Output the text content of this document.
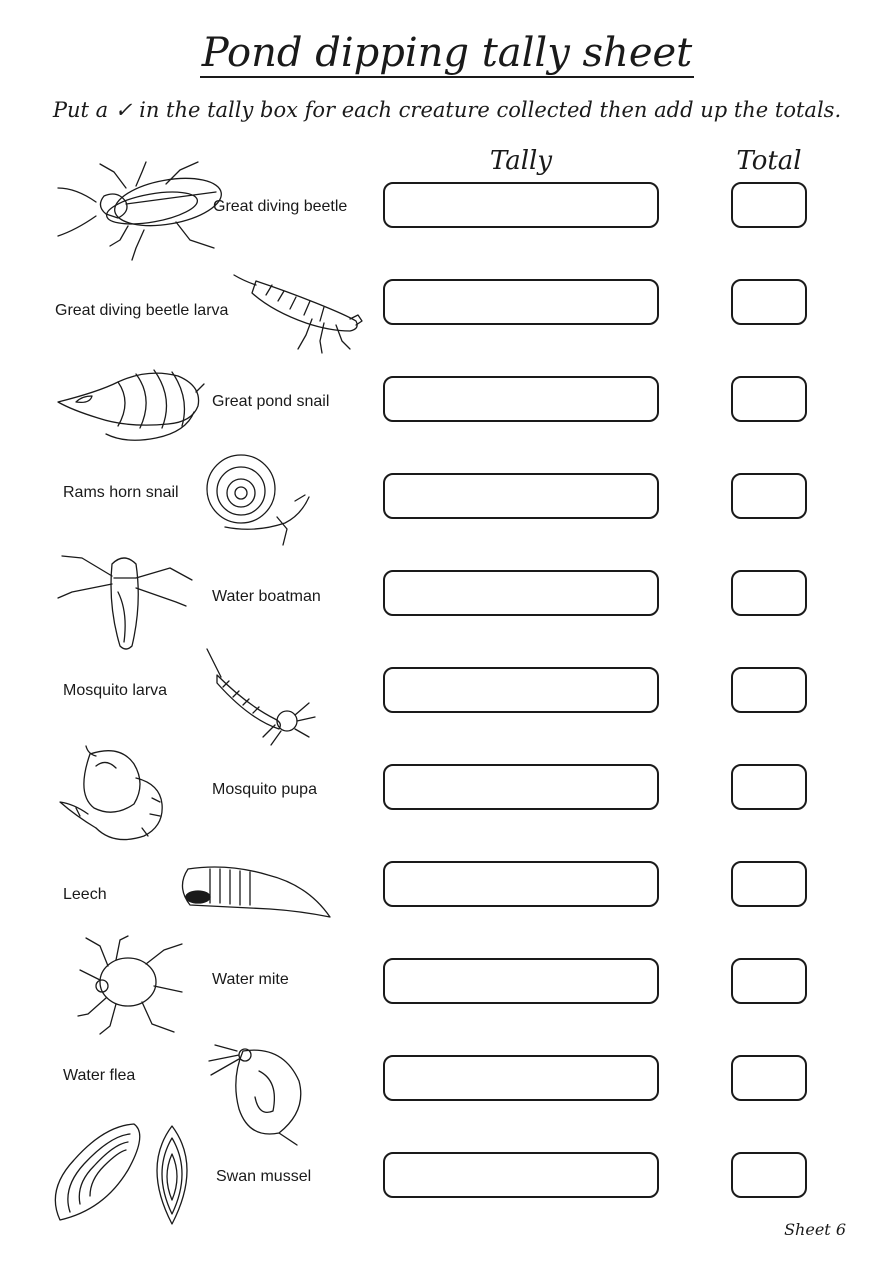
Pond dipping tally sheet
Put a ✓ in the tally box for each creature collected then add up the totals.
Tally	Total
Great diving beetle
Great diving beetle larva
Great pond snail
Rams horn snail
Water boatman
Mosquito larva
Mosquito pupa
Leech
Water mite
Water flea
Swan mussel
Sheet 6
